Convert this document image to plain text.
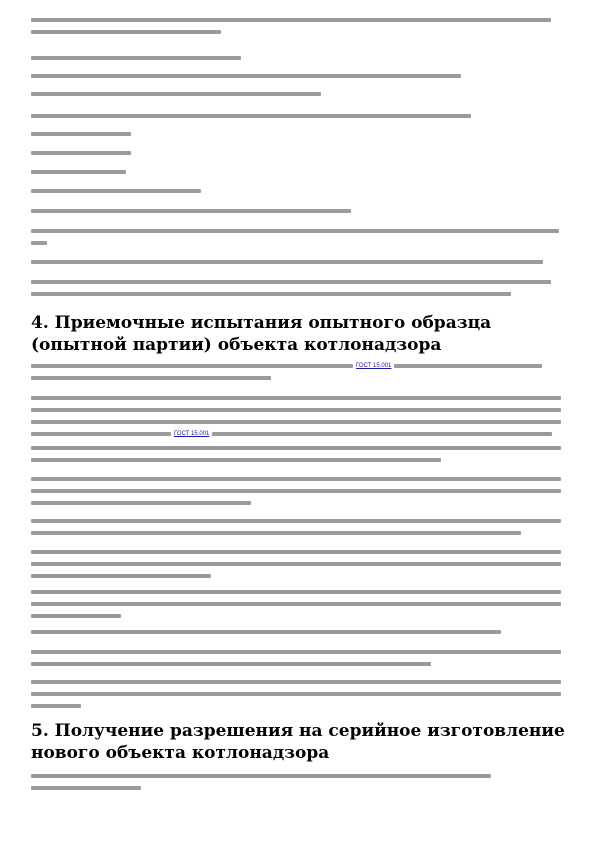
4. Приемочные испытания опытного образца (опытной партии) объекта котлонадзора
ГОСТ 15.001
ГОСТ 15.001
5. Получение разрешения на серийное изготовление нового объекта котлонадзора
